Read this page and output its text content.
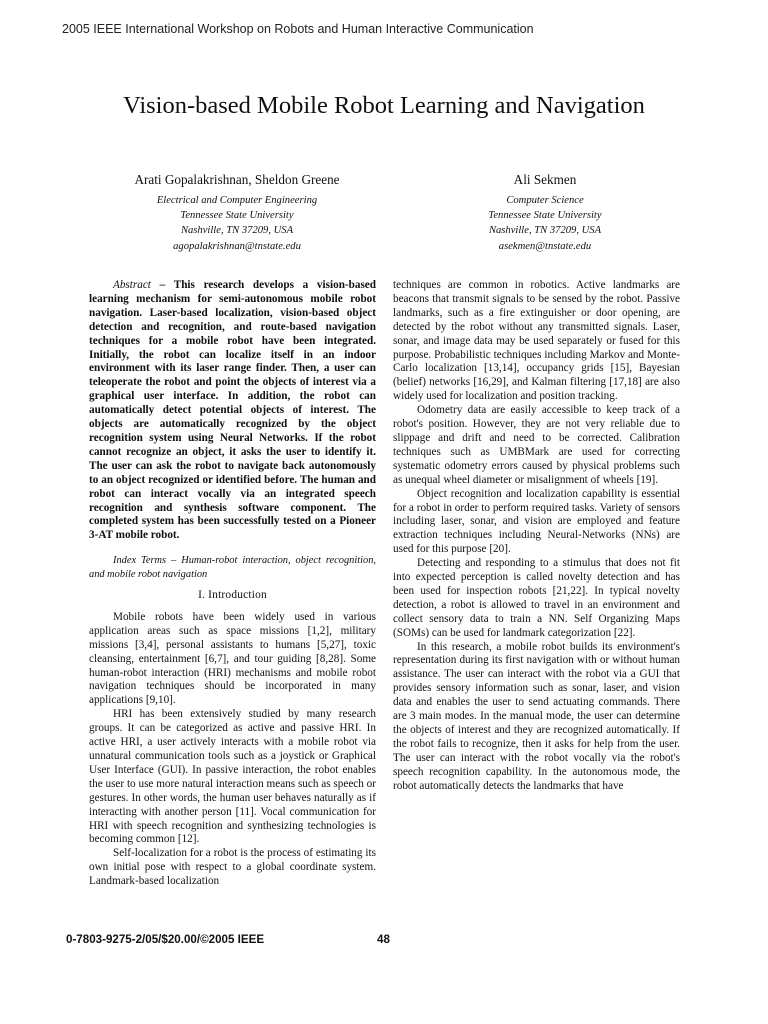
2005 IEEE International Workshop on Robots and Human Interactive Communication
Vision-based Mobile Robot Learning and Navigation
Arati Gopalakrishnan, Sheldon Greene
Electrical and Computer Engineering
Tennessee State University
Nashville, TN 37209, USA
agopalakrishnan@tnstate.edu
Ali Sekmen
Computer Science
Tennessee State University
Nashville, TN 37209, USA
asekmen@tnstate.edu

Abstract – This research develops a vision-based learning mechanism for semi-autonomous mobile robot navigation. Laser-based localization, vision-based object detection and recognition, and route-based navigation techniques for a mobile robot have been integrated. Initially, the robot can localize itself in an indoor environment with its laser range finder. Then, a user can teleoperate the robot and point the objects of interest via a graphical user interface. In addition, the robot can automatically detect potential objects of interest. The objects are automatically recognized by the object recognition system using Neural Networks. If the robot cannot recognize an object, it asks the user to identify it. The user can ask the robot to navigate back autonomously to an object recognized or identified before. The human and robot can interact vocally via an integrated speech recognition and synthesis software component. The completed system has been successfully tested on a Pioneer 3-AT mobile robot.

Index Terms – Human-robot interaction, object recognition, and mobile robot navigation

I. Introduction

Mobile robots have been widely used in various application areas such as space missions [1,2], military missions [3,4], personal assistants to humans [5,27], toxic cleansing, entertainment [6,7], and tour guiding [8,28]. Some human-robot interaction (HRI) mechanisms and mobile robot navigation techniques should be incorporated in many applications [9,10].

HRI has been extensively studied by many research groups. It can be categorized as active and passive HRI. In active HRI, a user actively interacts with a mobile robot via unnatural communication tools such as a joystick or Graphical User Interface (GUI). In passive interaction, the robot enables the user to use more natural interaction means such as speech or gestures. In other words, the human user behaves naturally as if interacting with another person [11]. Vocal communication for HRI with speech recognition and synthesizing technologies is becoming common [12].

Self-localization for a robot is the process of estimating its own initial pose with respect to a global coordinate system. Landmark-based localization

techniques are common in robotics. Active landmarks are beacons that transmit signals to be sensed by the robot. Passive landmarks, such as a fire extinguisher or door opening, are detected by the robot without any transmitted signals. Laser, sonar, and image data may be used separately or fused for this purpose. Probabilistic techniques including Markov and Monte-Carlo localization [13,14], occupancy grids [15], Bayesian (belief) networks [16,29], and Kalman filtering [17,18] are also widely used for localization and position tracking.

Odometry data are easily accessible to keep track of a robot's position. However, they are not very reliable due to slippage and drift and need to be corrected. Calibration techniques such as UMBMark are used for correcting systematic odometry errors caused by physical problems such as unequal wheel diameter or misalignment of wheels [19].

Object recognition and localization capability is essential for a robot in order to perform required tasks. Variety of sensors including laser, sonar, and vision are employed and feature extraction techniques including Neural-Networks (NNs) are used for this purpose [20].

Detecting and responding to a stimulus that does not fit into expected perception is called novelty detection and has been used for inspection robots [21,22]. In typical novelty detection, a robot is allowed to travel in an environment and collect sensory data to train a NN. Self Organizing Maps (SOMs) can be used for landmark categorization [22].

In this research, a mobile robot builds its environment's representation during its first navigation with or without human assistance. The user can interact with the robot via a GUI that provides sensory information such as sonar, laser, and vision data and enables the user to send actuating commands. There are 3 main modes. In the manual mode, the user can determine the objects of interest and they are recognized automatically. If the robot fails to recognize, then it asks for help from the user. The user can interact with the robot vocally via the robot's speech recognition capability. In the autonomous mode, the robot automatically detects the landmarks that have

0-7803-9275-2/05/$20.00/©2005 IEEE	48
